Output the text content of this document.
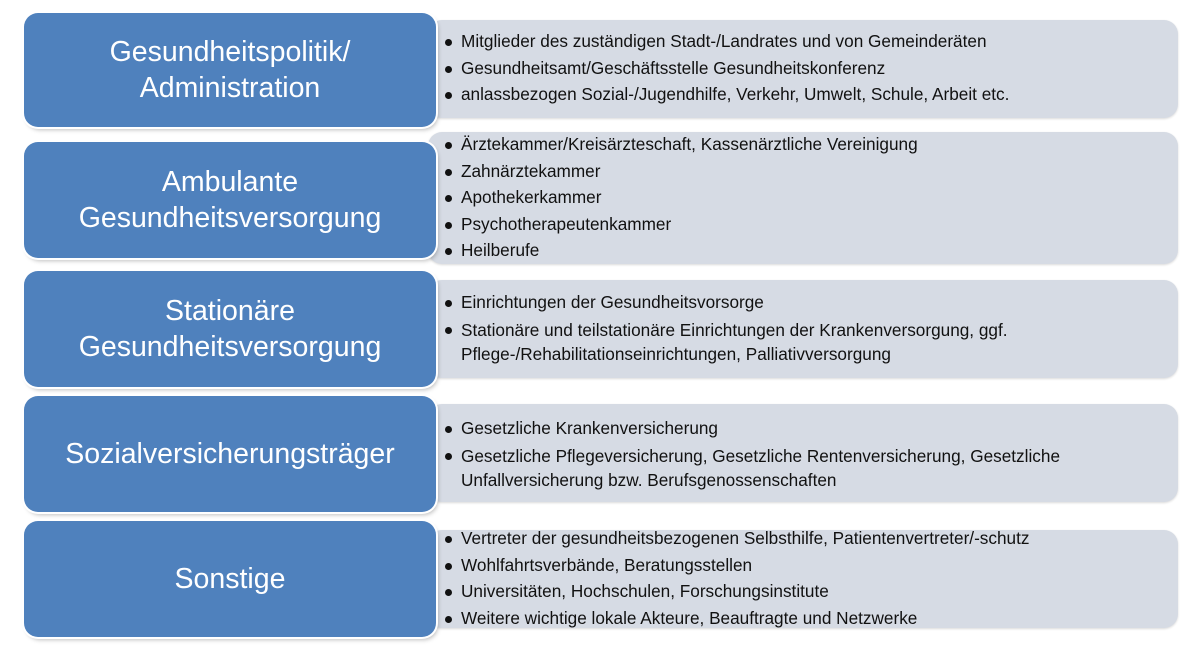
Mitglieder des zuständigen Stadt-/Landrates und von Gemeinderäten
Gesundheitsamt/Geschäftsstelle Gesundheitskonferenz
anlassbezogen Sozial-/Jugendhilfe, Verkehr, Umwelt, Schule, Arbeit etc.
Gesundheitspolitik/
Administration
Ärztekammer/Kreisärzteschaft, Kassenärztliche Vereinigung
Zahnärztekammer
Apothekerkammer
Psychotherapeutenkammer
Heilberufe
Ambulante
Gesundheitsversorgung
Einrichtungen der Gesundheitsvorsorge
Stationäre und teilstationäre Einrichtungen der Krankenversorgung, ggf. Pflege-/Rehabilitationseinrichtungen, Palliativversorgung
Stationäre
Gesundheitsversorgung
Gesetzliche Krankenversicherung
Gesetzliche Pflegeversicherung, Gesetzliche Rentenversicherung, Gesetzliche Unfallversicherung bzw. Berufsgenossenschaften
Sozialversicherungsträger
Vertreter der gesundheitsbezogenen Selbsthilfe, Patientenvertreter/-schutz
Wohlfahrtsverbände, Beratungsstellen
Universitäten, Hochschulen, Forschungsinstitute
Weitere wichtige lokale Akteure, Beauftragte und Netzwerke
Sonstige
